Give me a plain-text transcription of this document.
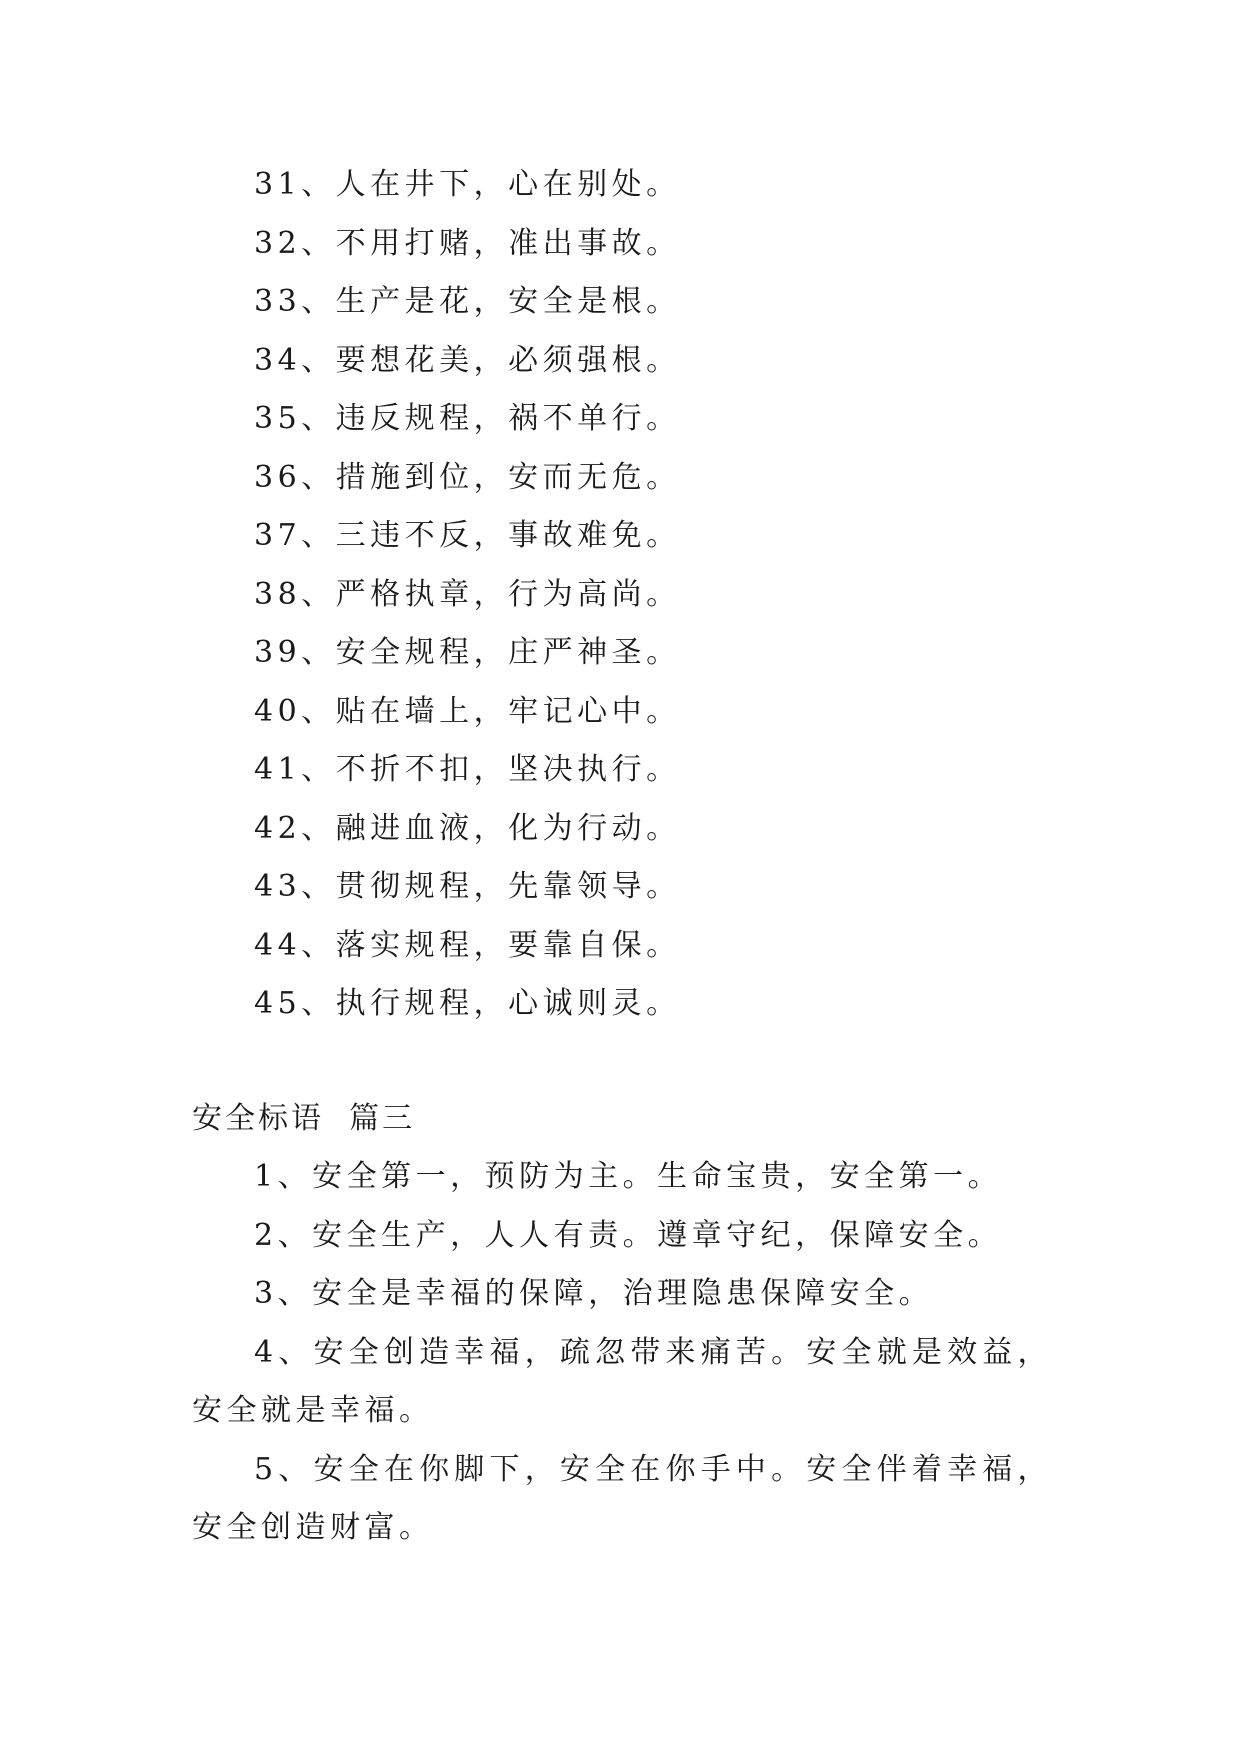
31、人在井下，心在别处。
32、不用打赌，准出事故。
33、生产是花，安全是根。
34、要想花美，必须强根。
35、违反规程，祸不单行。
36、措施到位，安而无危。
37、三违不反，事故难免。
38、严格执章，行为高尚。
39、安全规程，庄严神圣。
40、贴在墙上，牢记心中。
41、不折不扣，坚决执行。
42、融进血液，化为行动。
43、贯彻规程，先靠领导。
44、落实规程，要靠自保。
45、执行规程，心诚则灵。
安全标语  篇三
1、安全第一，预防为主。生命宝贵，安全第一。
2、安全生产，人人有责。遵章守纪，保障安全。
3、安全是幸福的保障，治理隐患保障安全。
4、安全创造幸福，疏忽带来痛苦。安全就是效益，安全就是幸福。
5、安全在你脚下，安全在你手中。安全伴着幸福，安全创造财富。
